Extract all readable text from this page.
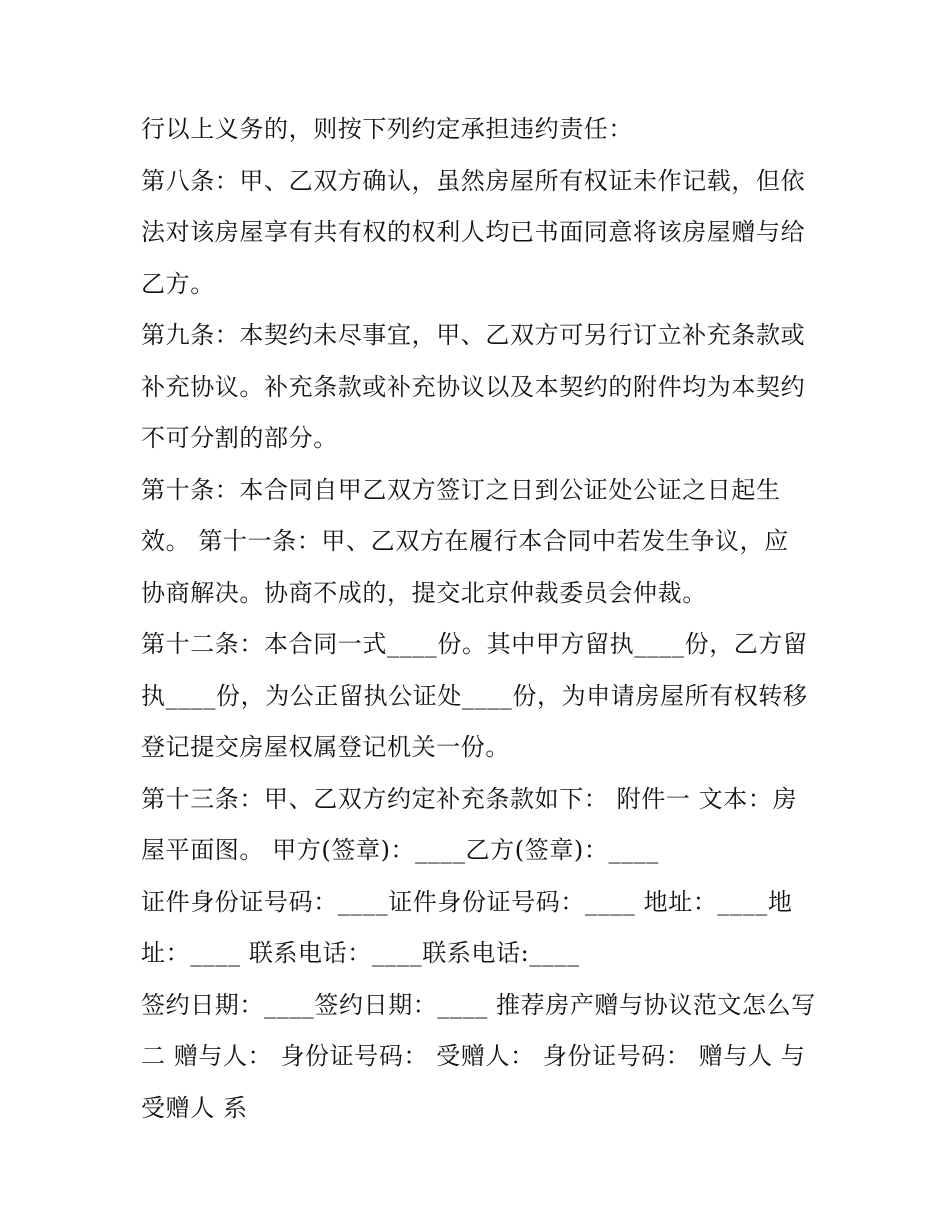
行以上义务的，则按下列约定承担违约责任：
第八条：甲、乙双方确认，虽然房屋所有权证未作记载，但依
法对该房屋享有共有权的权利人均已书面同意将该房屋赠与给
乙方。
第九条：本契约未尽事宜，甲、乙双方可另行订立补充条款或
补充协议。补充条款或补充协议以及本契约的附件均为本契约
不可分割的部分。
第十条：本合同自甲乙双方签订之日到公证处公证之日起生
效。 第十一条：甲、乙双方在履行本合同中若发生争议，应
协商解决。协商不成的，提交北京仲裁委员会仲裁。
第十二条：本合同一式____份。其中甲方留执____份，乙方留
执____份，为公正留执公证处____份，为申请房屋所有权转移
登记提交房屋权属登记机关一份。
第十三条：甲、乙双方约定补充条款如下： 附件一 文本：房
屋平面图。 甲方(签章)：____乙方(签章)：____
证件身份证号码：____证件身份证号码：____ 地址：____地
址：____ 联系电话：____联系电话:____
签约日期：____签约日期：____ 推荐房产赠与协议范文怎么写
二 赠与人： 身份证号码： 受赠人： 身份证号码： 赠与人 与
受赠人 系
